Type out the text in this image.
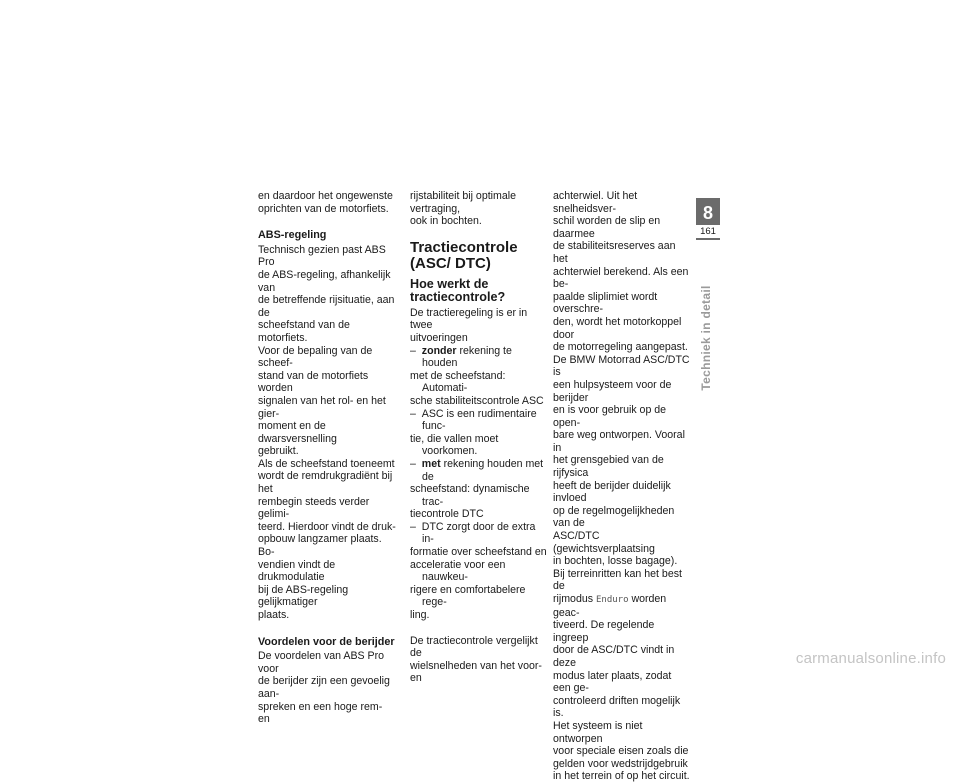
en daardoor het ongewenste

oprichten van de motorfiets.

ABS-regeling

Technisch gezien past ABS Pro

de ABS-regeling, afhankelijk van

de betreffende rijsituatie, aan de

scheefstand van de motorfiets.

Voor de bepaling van de scheef-

stand van de motorfiets worden

signalen van het rol- en het gier-

moment en de dwarsversnelling

gebruikt.

Als de scheefstand toeneemt

wordt de remdrukgradiënt bij het

rembegin steeds verder gelimi-

teerd. Hierdoor vindt de druk-

opbouw langzamer plaats. Bo-

vendien vindt de drukmodulatie

bij de ABS-regeling gelijkmatiger

plaats.

Voordelen voor de berijder

De voordelen van ABS Pro voor

de berijder zijn een gevoelig aan-

spreken en een hoge rem- en

rijstabiliteit bij optimale vertraging,

ook in bochten.

Tractiecontrole (ASC/ DTC)
Hoe werkt de tractiecontrole?

De tractieregeling is er in twee

uitvoeringen

– zonder rekening te houden

met de scheefstand: Automati-

sche stabiliteitscontrole ASC

– ASC is een rudimentaire func-

tie, die vallen moet voorkomen.

– met rekening houden met de

scheefstand: dynamische trac-

tiecontrole DTC

– DTC zorgt door de extra in-

formatie over scheefstand en

acceleratie voor een nauwkeu-

rigere en comfortabelere rege-

ling.

De tractiecontrole vergelijkt de

wielsnelheden van het voor- en

achterwiel. Uit het snelheidsver-

schil worden de slip en daarmee

de stabiliteitsreserves aan het

achterwiel berekend. Als een be-

paalde sliplimiet wordt overschre-

den, wordt het motorkoppel door

de motorregeling aangepast.

De BMW Motorrad ASC/DTC is

een hulpsysteem voor de berijder

en is voor gebruik op de open-

bare weg ontworpen. Vooral in

het grensgebied van de rijfysica

heeft de berijder duidelijk invloed

op de regelmogelijkheden van de

ASC/DTC (gewichtsverplaatsing

in bochten, losse bagage).

Bij terreinritten kan het best de

rijmodus Enduro worden geac-

tiveerd. De regelende ingreep

door de ASC/DTC vindt in deze

modus later plaats, zodat een ge-

controleerd driften mogelijk is.

Het systeem is niet ontworpen

voor speciale eisen zoals die

gelden voor wedstrijdgebruik

in het terrein of op het circuit.

8
161
Techniek in detail
carmanualsonline.info
